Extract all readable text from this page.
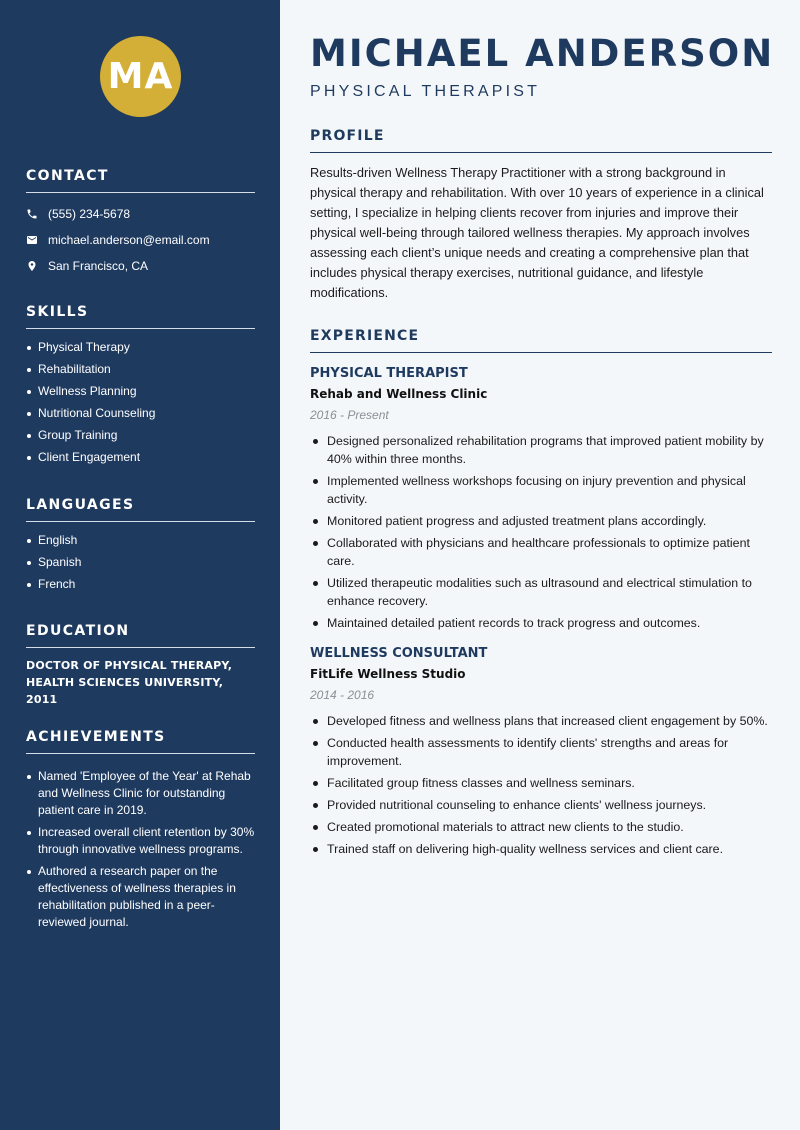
MA
CONTACT
(555) 234-5678
michael.anderson@email.com
San Francisco, CA
SKILLS
Physical Therapy
Rehabilitation
Wellness Planning
Nutritional Counseling
Group Training
Client Engagement
LANGUAGES
English
Spanish
French
EDUCATION
DOCTOR OF PHYSICAL THERAPY,
HEALTH SCIENCES UNIVERSITY, 2011
ACHIEVEMENTS
Named 'Employee of the Year' at Rehab and Wellness Clinic for outstanding patient care in 2019.
Increased overall client retention by 30% through innovative wellness programs.
Authored a research paper on the effectiveness of wellness therapies in rehabilitation published in a peer-reviewed journal.
MICHAEL ANDERSON
PHYSICAL THERAPIST
PROFILE

Results-driven Wellness Therapy Practitioner with a strong background in physical therapy and rehabilitation. With over 10 years of experience in a clinical setting, I specialize in helping clients recover from injuries and improve their physical well-being through tailored wellness therapies. My approach involves assessing each client’s unique needs and creating a comprehensive plan that includes physical therapy exercises, nutritional guidance, and lifestyle modifications.

EXPERIENCE
PHYSICAL THERAPIST
Rehab and Wellness Clinic
2016 - Present
Designed personalized rehabilitation programs that improved patient mobility by 40% within three months.
Implemented wellness workshops focusing on injury prevention and physical activity.
Monitored patient progress and adjusted treatment plans accordingly.
Collaborated with physicians and healthcare professionals to optimize patient care.
Utilized therapeutic modalities such as ultrasound and electrical stimulation to enhance recovery.
Maintained detailed patient records to track progress and outcomes.
WELLNESS CONSULTANT
FitLife Wellness Studio
2014 - 2016
Developed fitness and wellness plans that increased client engagement by 50%.
Conducted health assessments to identify clients' strengths and areas for improvement.
Facilitated group fitness classes and wellness seminars.
Provided nutritional counseling to enhance clients' wellness journeys.
Created promotional materials to attract new clients to the studio.
Trained staff on delivering high-quality wellness services and client care.
